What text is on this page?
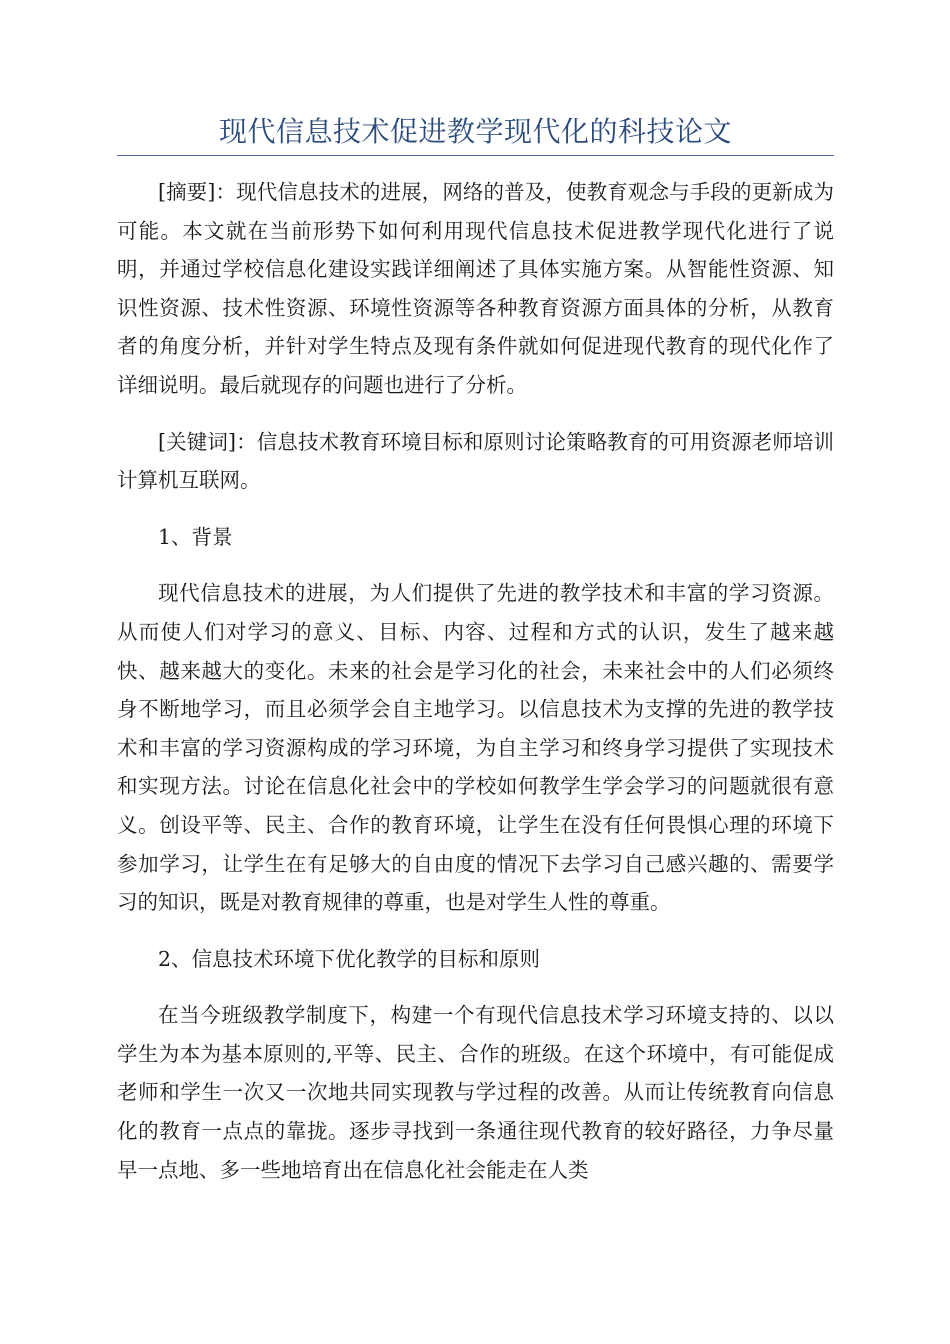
现代信息技术促进教学现代化的科技论文

[摘要]：现代信息技术的进展，网络的普及，使教育观念与手段的更新成为可能。本文就在当前形势下如何利用现代信息技术促进教学现代化进行了说明，并通过学校信息化建设实践详细阐述了具体实施方案。从智能性资源、知识性资源、技术性资源、环境性资源等各种教育资源方面具体的分析，从教育者的角度分析，并针对学生特点及现有条件就如何促进现代教育的现代化作了详细说明。最后就现存的问题也进行了分析。

[关键词]：信息技术教育环境目标和原则讨论策略教育的可用资源老师培训计算机互联网。

1、背景

现代信息技术的进展，为人们提供了先进的教学技术和丰富的学习资源。从而使人们对学习的意义、目标、内容、过程和方式的认识，发生了越来越快、越来越大的变化。未来的社会是学习化的社会，未来社会中的人们必须终身不断地学习，而且必须学会自主地学习。以信息技术为支撑的先进的教学技术和丰富的学习资源构成的学习环境，为自主学习和终身学习提供了实现技术和实现方法。讨论在信息化社会中的学校如何教学生学会学习的问题就很有意义。创设平等、民主、合作的教育环境，让学生在没有任何畏惧心理的环境下参加学习，让学生在有足够大的自由度的情况下去学习自己感兴趣的、需要学习的知识，既是对教育规律的尊重，也是对学生人性的尊重。

2、信息技术环境下优化教学的目标和原则

在当今班级教学制度下，构建一个有现代信息技术学习环境支持的、以以学生为本为基本原则的,平等、民主、合作的班级。在这个环境中，有可能促成老师和学生一次又一次地共同实现教与学过程的改善。从而让传统教育向信息化的教育一点点的靠拢。逐步寻找到一条通往现代教育的较好路径，力争尽量早一点地、多一些地培育出在信息化社会能走在人类
